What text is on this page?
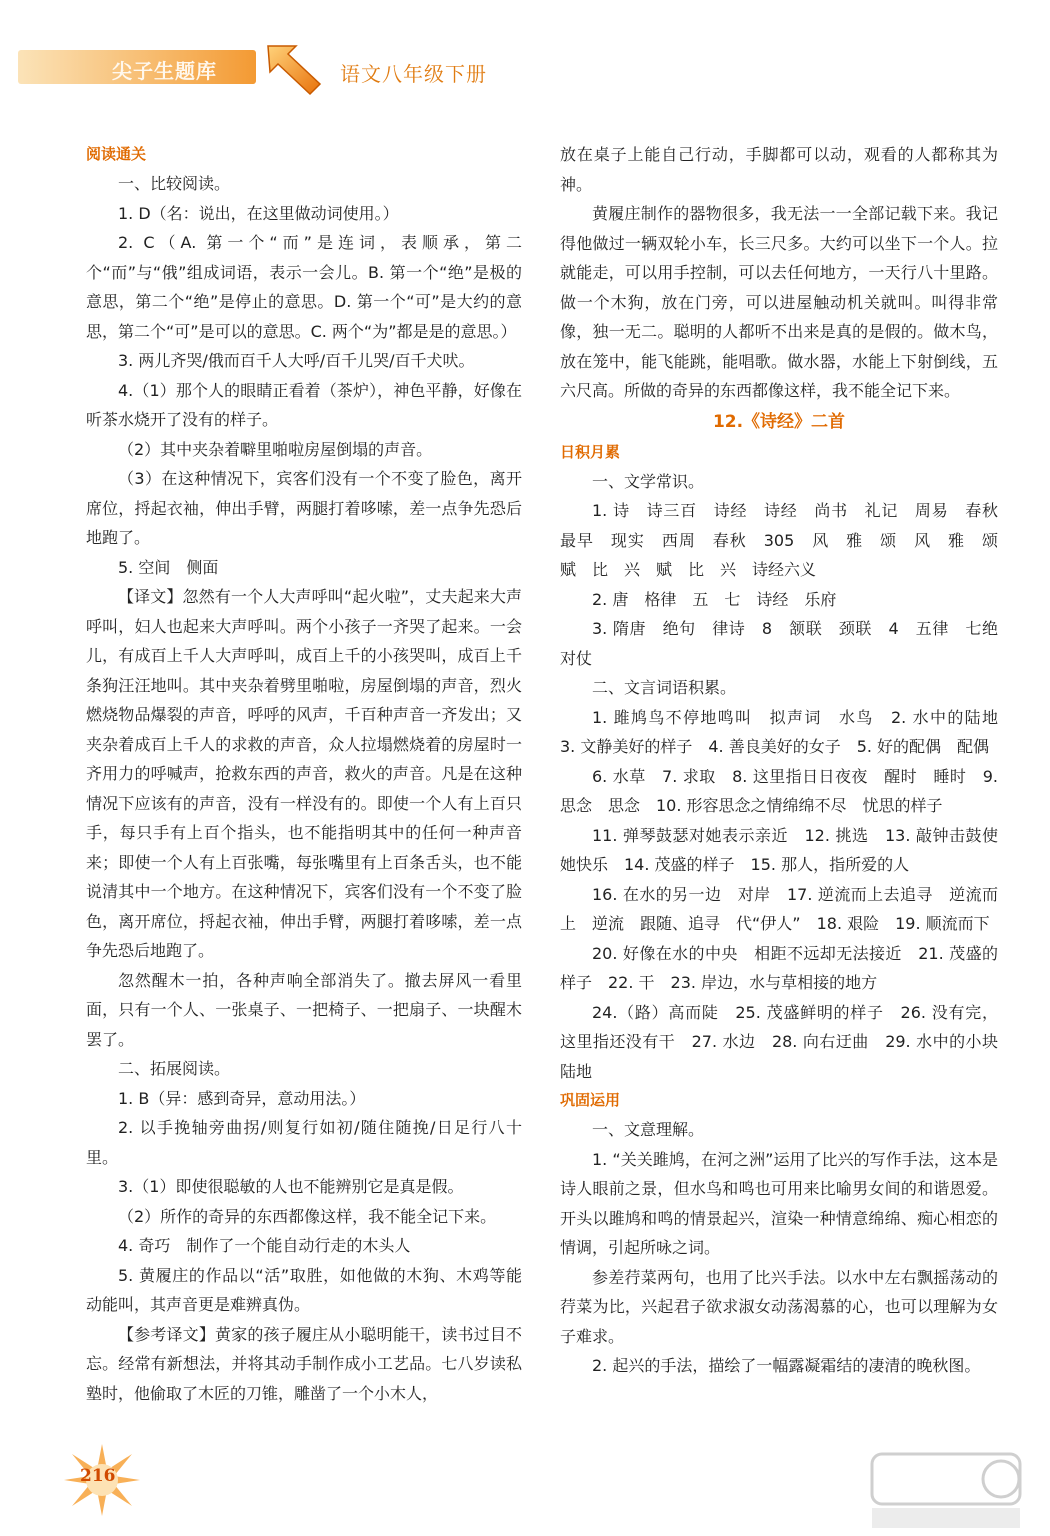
尖子生题库	语文八年级下册
阅读通关

一、比较阅读。

1. D（名：说出，在这里做动词使用。）

2. C（A. 第一个“而”是连词，表顺承，第二个“而”与“俄”组成词语，表示一会儿。B. 第一个“绝”是极的意思，第二个“绝”是停止的意思。D. 第一个“可”是大约的意思，第二个“可”是可以的意思。C. 两个“为”都是是的意思。）

3. 两儿齐哭/俄而百千人大呼/百千儿哭/百千犬吠。

4.（1）那个人的眼睛正看着（茶炉），神色平静，好像在听茶水烧开了没有的样子。

（2）其中夹杂着噼里啪啦房屋倒塌的声音。

（3）在这种情况下，宾客们没有一个不变了脸色，离开席位，捋起衣袖，伸出手臂，两腿打着哆嗦，差一点争先恐后地跑了。

5. 空间　侧面

【译文】忽然有一个人大声呼叫“起火啦”，丈夫起来大声呼叫，妇人也起来大声呼叫。两个小孩子一齐哭了起来。一会儿，有成百上千人大声呼叫，成百上千的小孩哭叫，成百上千条狗汪汪地叫。其中夹杂着劈里啪啦，房屋倒塌的声音，烈火燃烧物品爆裂的声音，呼呼的风声，千百种声音一齐发出；又夹杂着成百上千人的求救的声音，众人拉塌燃烧着的房屋时一齐用力的呼喊声，抢救东西的声音，救火的声音。凡是在这种情况下应该有的声音，没有一样没有的。即使一个人有上百只手，每只手有上百个指头，也不能指明其中的任何一种声音来；即使一个人有上百张嘴，每张嘴里有上百条舌头，也不能说清其中一个地方。在这种情况下，宾客们没有一个不变了脸色，离开席位，捋起衣袖，伸出手臂，两腿打着哆嗦，差一点争先恐后地跑了。

忽然醒木一拍，各种声响全部消失了。撤去屏风一看里面，只有一个人、一张桌子、一把椅子、一把扇子、一块醒木罢了。

二、拓展阅读。

1. B（异：感到奇异，意动用法。）

2. 以手挽轴旁曲拐/则复行如初/随住随挽/日足行八十里。

3.（1）即使很聪敏的人也不能辨别它是真是假。

（2）所作的奇异的东西都像这样，我不能全记下来。

4. 奇巧　制作了一个能自动行走的木头人

5. 黄履庄的作品以“活”取胜，如他做的木狗、木鸡等能动能叫，其声音更是难辨真伪。

【参考译文】黄家的孩子履庄从小聪明能干，读书过目不忘。经常有新想法，并将其动手制作成小工艺品。七八岁读私塾时，他偷取了木匠的刀锥，雕凿了一个小木人，

放在桌子上能自己行动，手脚都可以动，观看的人都称其为神。

黄履庄制作的器物很多，我无法一一全部记载下来。我记得他做过一辆双轮小车，长三尺多。大约可以坐下一个人。拉就能走，可以用手控制，可以去任何地方，一天行八十里路。做一个木狗，放在门旁，可以进屋触动机关就叫。叫得非常像，独一无二。聪明的人都听不出来是真的是假的。做木鸟，放在笼中，能飞能跳，能唱歌。做水器，水能上下射倒线，五六尺高。所做的奇异的东西都像这样，我不能全记下来。

12.《诗经》二首
日积月累

一、文学常识。

1. 诗　诗三百　诗经　诗经　尚书　礼记　周易　春秋　最早　现实　西周　春秋　305　风　雅　颂　风　雅　颂　赋　比　兴　赋　比　兴　诗经六义

2. 唐　格律　五　七　诗经　乐府

3. 隋唐　绝句　律诗　8　颔联　颈联　4　五律　七绝　对仗

二、文言词语积累。

1. 雎鸠鸟不停地鸣叫　拟声词　水鸟　2. 水中的陆地　3. 文静美好的样子　4. 善良美好的女子　5. 好的配偶　配偶

6. 水草　7. 求取　8. 这里指日日夜夜　醒时　睡时　9. 思念　思念　10. 形容思念之情绵绵不尽　忧思的样子

11. 弹琴鼓瑟对她表示亲近　12. 挑选　13. 敲钟击鼓使她快乐　14. 茂盛的样子　15. 那人，指所爱的人

16. 在水的另一边　对岸　17. 逆流而上去追寻　逆流而上　逆流　跟随、追寻　代“伊人”　18. 艰险　19. 顺流而下

20. 好像在水的中央　相距不远却无法接近　21. 茂盛的样子　22. 干　23. 岸边，水与草相接的地方

24.（路）高而陡　25. 茂盛鲜明的样子　26. 没有完，这里指还没有干　27. 水边　28. 向右迂曲　29. 水中的小块陆地

巩固运用

一、文意理解。

1. “关关雎鸠，在河之洲”运用了比兴的写作手法，这本是诗人眼前之景，但水鸟和鸣也可用来比喻男女间的和谐恩爱。开头以雎鸠和鸣的情景起兴，渲染一种情意绵绵、痴心相恋的情调，引起所咏之词。

参差荇菜两句，也用了比兴手法。以水中左右飘摇荡动的荇菜为比，兴起君子欲求淑女动荡渴慕的心，也可以理解为女子难求。

2. 起兴的手法，描绘了一幅露凝霜结的凄清的晚秋图。

216
